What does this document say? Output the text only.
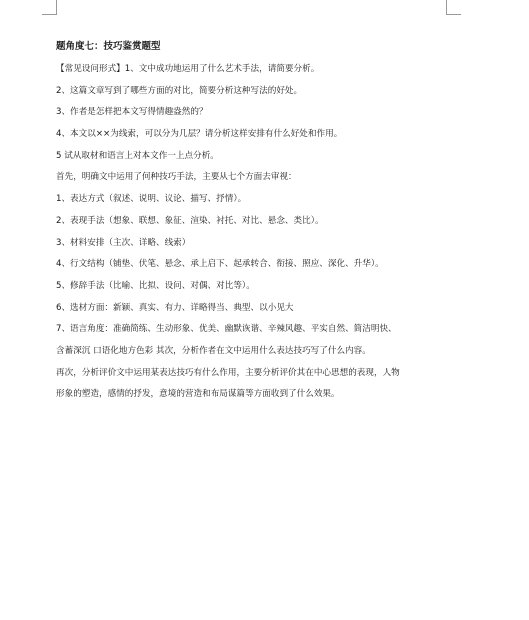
题角度七：技巧鉴赏题型
【常见设问形式】1、文中成功地运用了什么艺术手法，请简要分析。
2、这篇文章写到了哪些方面的对比，简要分析这种写法的好处。
3、作者是怎样把本文写得情趣盎然的？
4、本文以××为线索，可以分为几层？请分析这样安排有什么好处和作用。
5 试从取材和语言上对本文作一上点分析。
首先，明确文中运用了何种技巧手法，主要从七个方面去审视：
1、表达方式（叙述、说明、议论、描写、抒情）。
2、表现手法（想象、联想、象征、渲染、衬托、对比、悬念、类比）。
3、材料安排（主次、详略、线索）
4、行文结构（铺垫、伏笔、悬念、承上启下、起承转合、衔接、照应、深化、升华）。
5、修辞手法（比喻、比拟、设问、对偶、对比等）。
6、选材方面：新颖、真实、有力、详略得当、典型、以小见大
7、语言角度：准确简练、生动形象、优美、幽默诙谐、辛辣风趣、平实自然、简洁明快、
含蓄深沉 口语化地方色彩 其次，分析作者在文中运用什么表达技巧写了什么内容。
再次，分析评价文中运用某表达技巧有什么作用，主要分析评价其在中心思想的表现，人物
形象的塑造，感情的抒发，意境的营造和布局谋篇等方面收到了什么效果。
